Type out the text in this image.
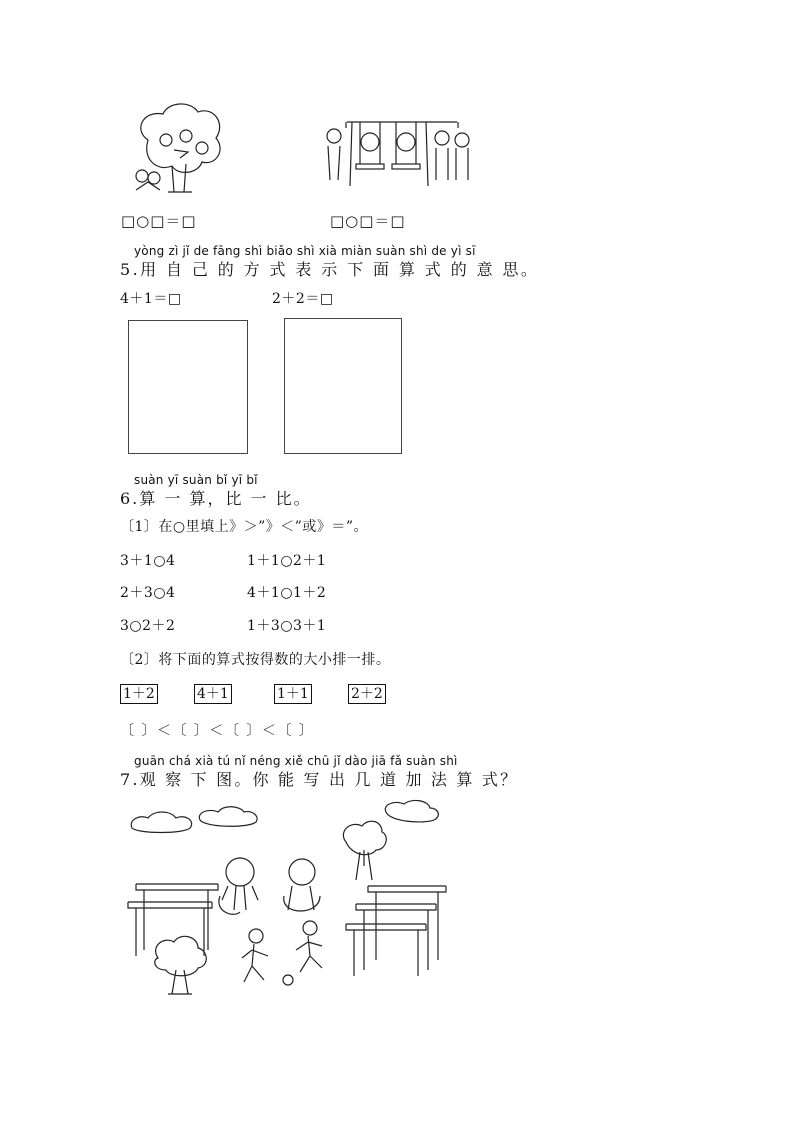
□○□＝□	□○□＝□
yòng zì jǐ de fāng shì biǎo shì xià miàn suàn shì de yì sī
5.用 自 己 的 方 式 表 示 下 面 算 式 的 意 思。
4＋1＝□	2＋2＝□
suàn yī suàn bǐ yī bǐ
6.算 一 算，比 一 比。
〔1〕在○里填上》＞”》＜”或》＝”。
3＋1○4	1＋1○2＋1
2＋3○4	4＋1○1＋2
3○2＋2	1＋3○3＋1
〔2〕将下面的算式按得数的大小排一排。
1＋2	4＋1	1＋1	2＋2
〔 〕＜〔 〕＜〔 〕＜〔 〕
guān chá xià tú nǐ néng xiě chū jǐ dào jiā fǎ suàn shì
7.观 察 下 图。你 能 写 出 几 道 加 法 算 式？
